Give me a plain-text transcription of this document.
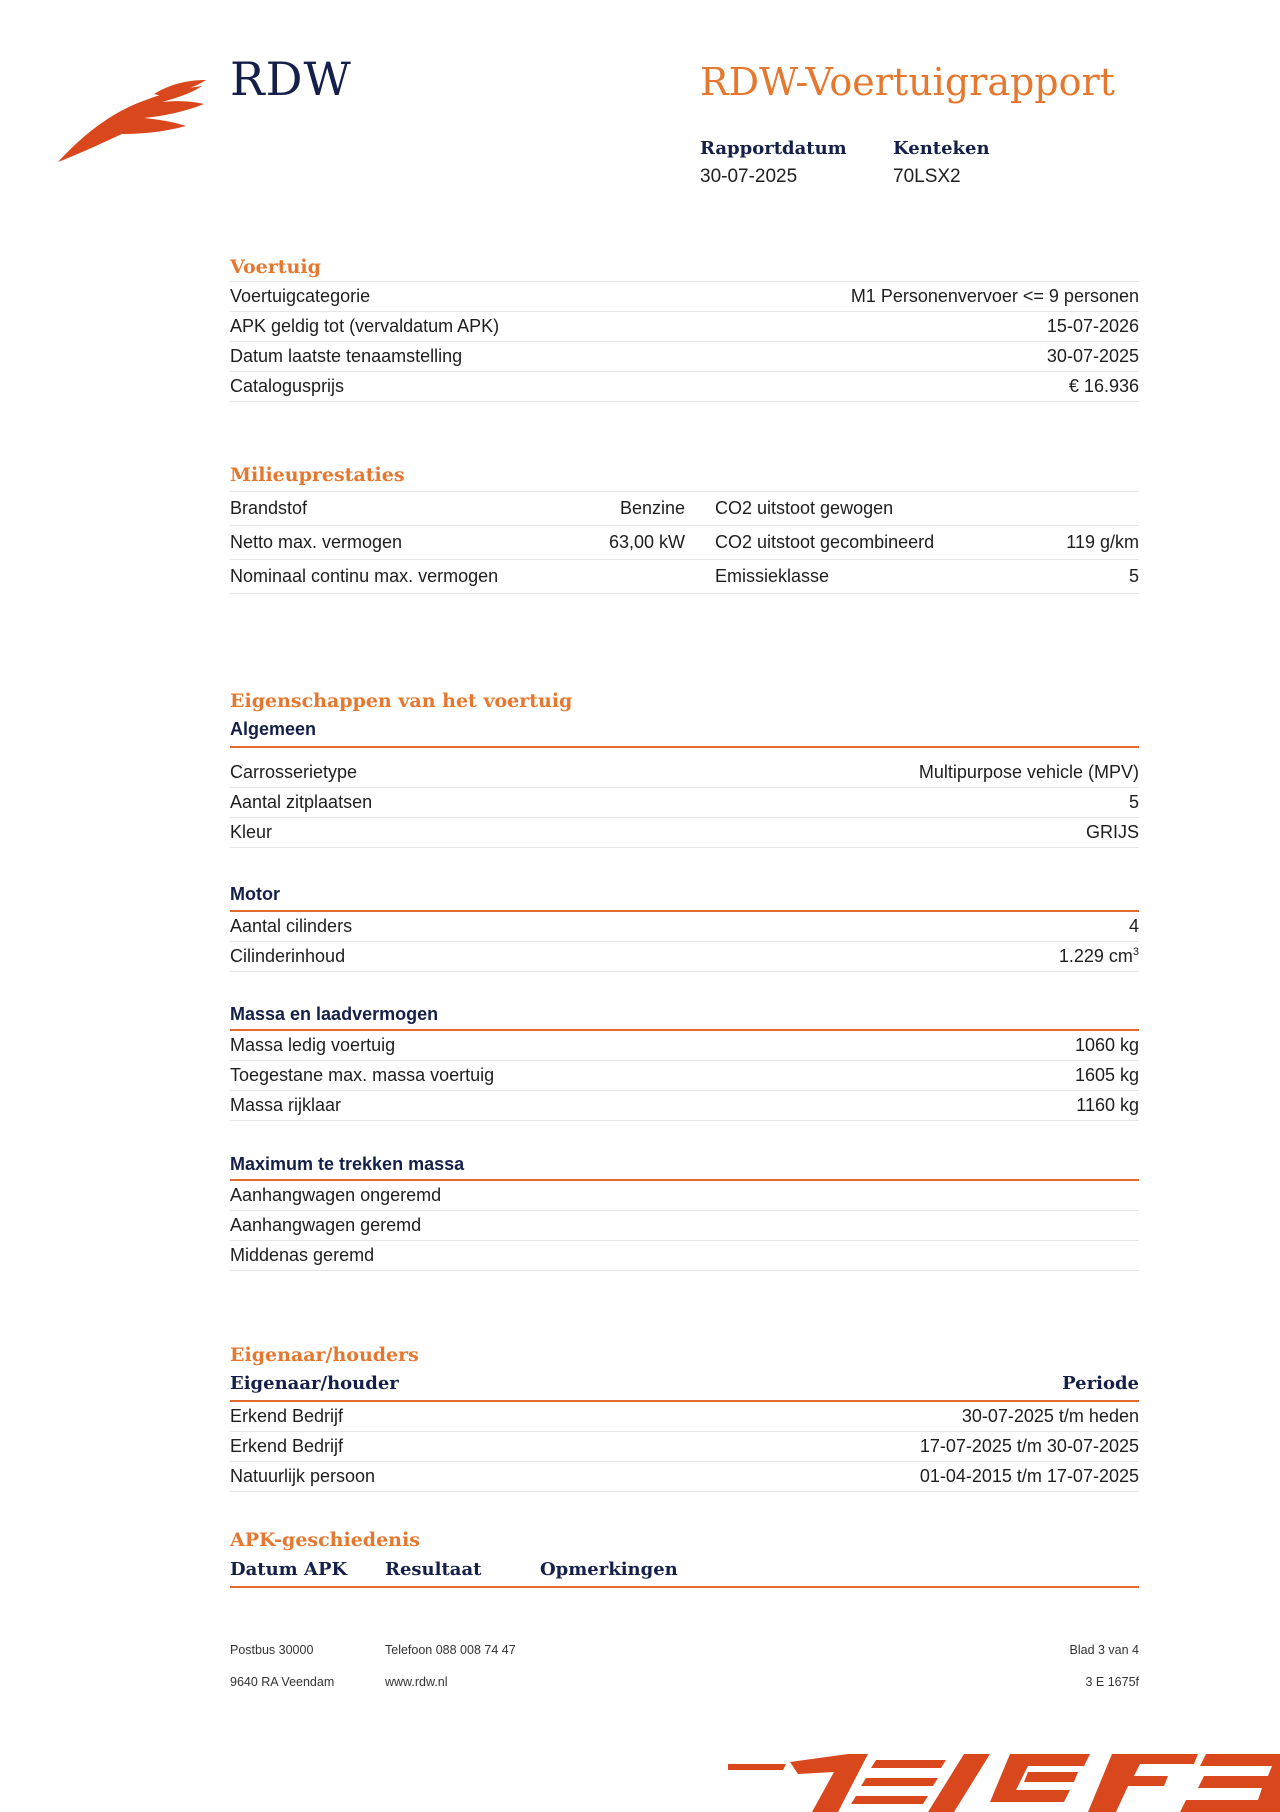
RDW	RDW-Voertuigrapport
Rapportdatum
30-07-2025
Kenteken
70LSX2
Voertuig
Voertuigcategorie	M1 Personenvervoer <= 9 personen
APK geldig tot (vervaldatum APK)	15-07-2026
Datum laatste tenaamstelling	30-07-2025
Catalogusprijs	€ 16.936
Milieuprestaties
Brandstof	Benzine		CO2 uitstoot gewogen	
Netto max. vermogen	63,00 kW		CO2 uitstoot gecombineerd	119 g/km
Nominaal continu max. vermogen			Emissieklasse	5
Eigenschappen van het voertuig
Algemeen
Carrosserietype	Multipurpose vehicle (MPV)
Aantal zitplaatsen	5
Kleur	GRIJS
Motor
Aantal cilinders	4
Cilinderinhoud	1.229 $cm^3$
Massa en laadvermogen
Massa ledig voertuig	1060 kg
Toegestane max. massa voertuig	1605 kg
Massa rijklaar	1160 kg
Maximum te trekken massa
Aanhangwagen ongeremd	
Aanhangwagen geremd	
Middenas geremd	
Eigenaar/houders
Eigenaar/houder	Periode
Erkend Bedrijf	30-07-2025 t/m heden
Erkend Bedrijf	17-07-2025 t/m 30-07-2025
Natuurlijk persoon	01-04-2015 t/m 17-07-2025
APK-geschiedenis
Datum APK Resultaat	Opmerkingen
Postbus 30000
9640 RA Veendam
Telefoon 088 008 74 47
www.rdw.nl
Blad 3 van 4
3 E 1675f
